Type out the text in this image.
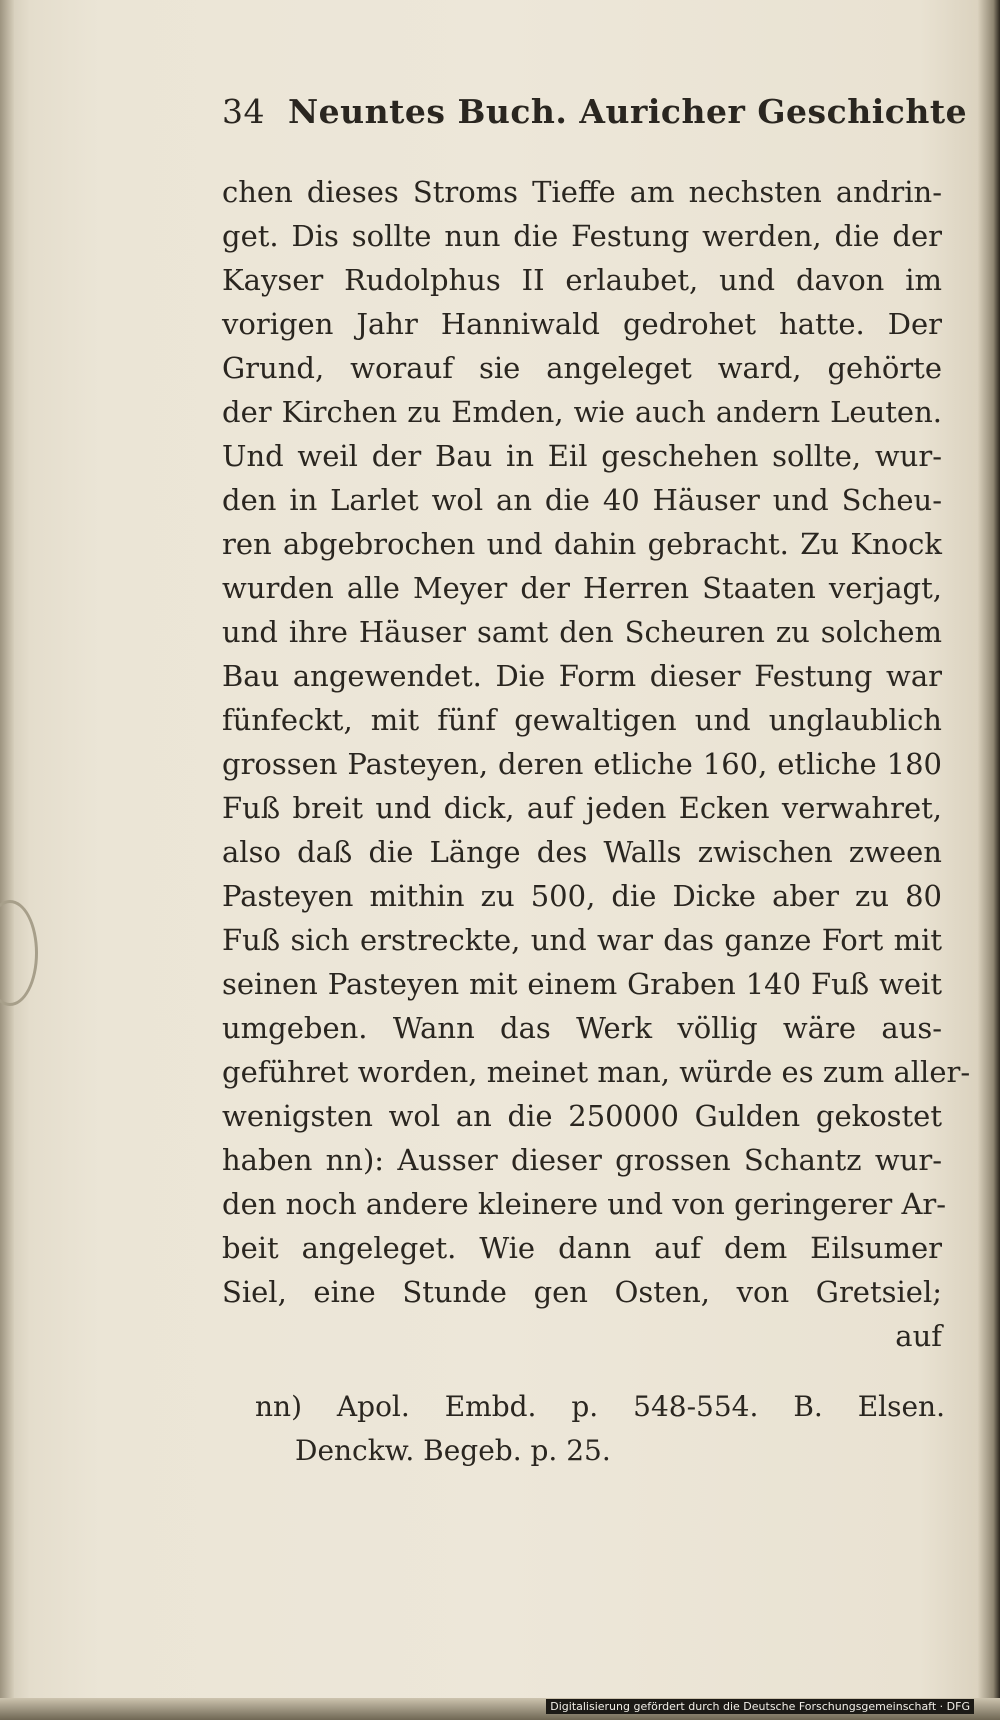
34 Neuntes Buch. Auricher Geschichte
chen dieses Stroms Tieffe am nechsten andrin-
get. Dis sollte nun die Festung werden, die der
Kayser Rudolphus II erlaubet, und davon im
vorigen Jahr Hanniwald gedrohet hatte. Der
Grund, worauf sie angeleget ward, gehörte
der Kirchen zu Emden, wie auch andern Leuten.
Und weil der Bau in Eil geschehen sollte, wur-
den in Larlet wol an die 40 Häuser und Scheu-
ren abgebrochen und dahin gebracht. Zu Knock
wurden alle Meyer der Herren Staaten verjagt,
und ihre Häuser samt den Scheuren zu solchem
Bau angewendet. Die Form dieser Festung war
fünfeckt, mit fünf gewaltigen und unglaublich
grossen Pasteyen, deren etliche 160, etliche 180
Fuß breit und dick, auf jeden Ecken verwahret,
also daß die Länge des Walls zwischen zween
Pasteyen mithin zu 500, die Dicke aber zu 80
Fuß sich erstreckte, und war das ganze Fort mit
seinen Pasteyen mit einem Graben 140 Fuß weit
umgeben. Wann das Werk völlig wäre aus-
geführet worden, meinet man, würde es zum aller-
wenigsten wol an die 250000 Gulden gekostet
haben nn): Ausser dieser grossen Schantz wur-
den noch andere kleinere und von geringerer Ar-
beit angeleget. Wie dann auf dem Eilsumer
Siel, eine Stunde gen Osten, von Gretsiel;
auf
nn) Apol. Embd. p. 548-554. B. Elsen.
Denckw. Begeb. p. 25.
Digitalisierung gefördert durch die Deutsche Forschungsgemeinschaft · DFG
